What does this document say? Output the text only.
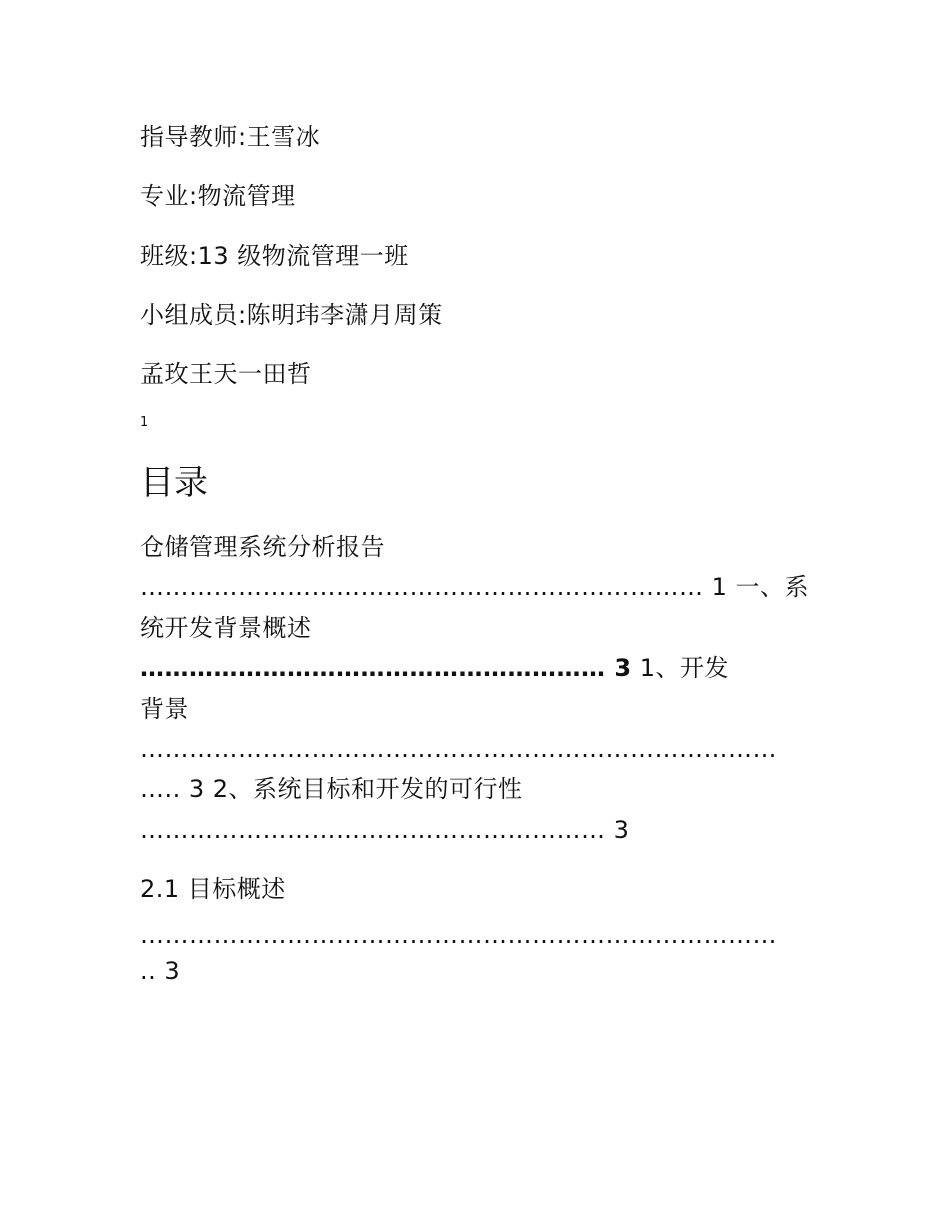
指导教师:王雪冰
专业:物流管理
班级:13 级物流管理一班
小组成员:陈明玮李潇月周策
孟玫王天一田哲
1
目录
仓储管理系统分析报告
…………………………………………………………… 1 一、系
统开发背景概述
………………………………………………… 3 1、开发
背景
……………………………………………………………………
….. 3 2、系统目标和开发的可行性
………………………………………………… 3
2.1 目标概述
……………………………………………………………………
.. 3
